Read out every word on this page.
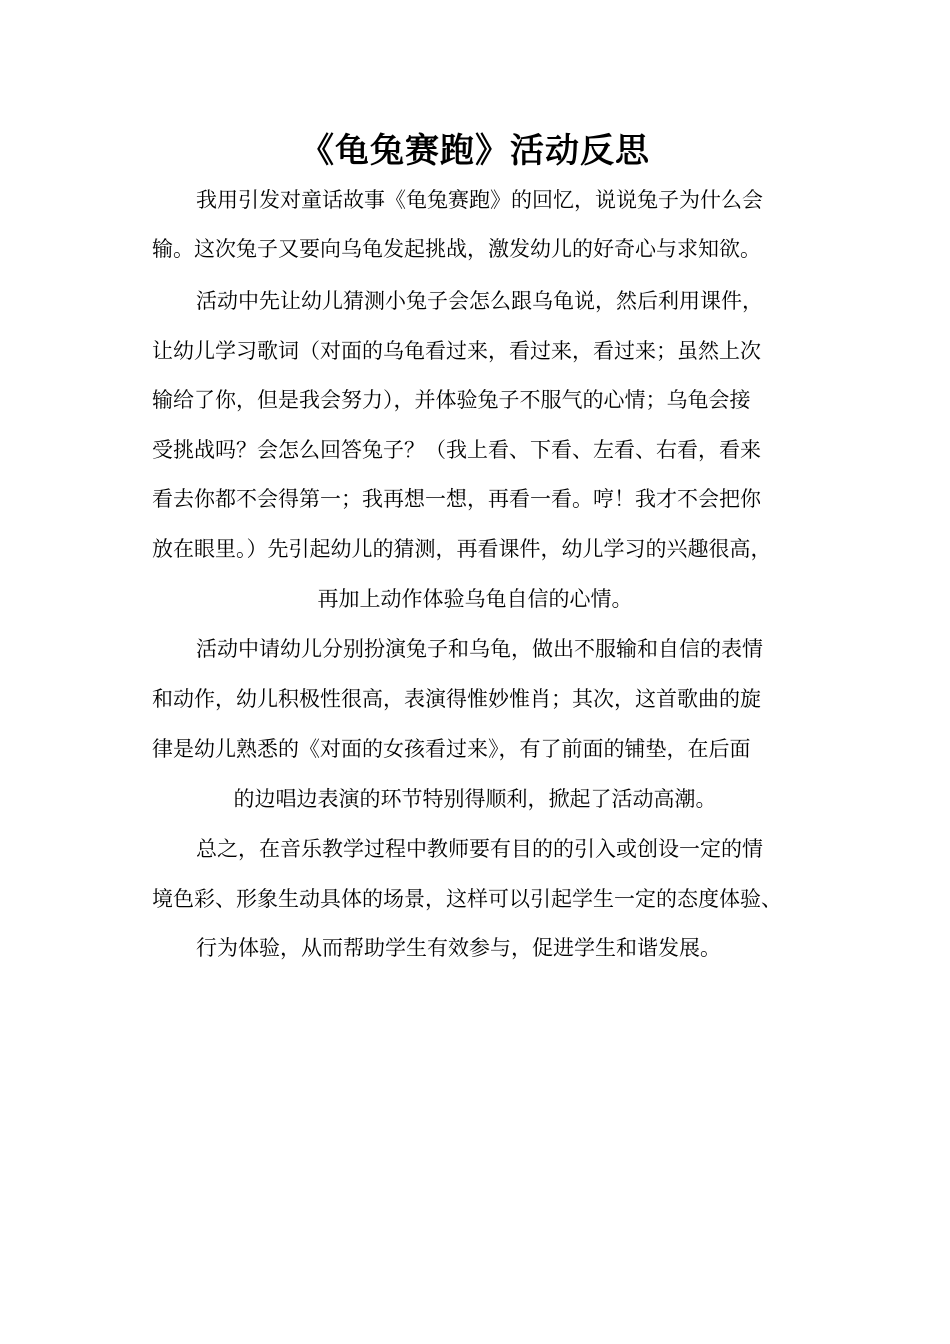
《龟兔赛跑》活动反思
我用引发对童话故事《龟兔赛跑》的回忆，说说兔子为什么会
输。这次兔子又要向乌龟发起挑战，激发幼儿的好奇心与求知欲。
活动中先让幼儿猜测小兔子会怎么跟乌龟说，然后利用课件，
让幼儿学习歌词（对面的乌龟看过来，看过来，看过来；虽然上次
输给了你，但是我会努力），并体验兔子不服气的心情；乌龟会接
受挑战吗？会怎么回答兔子？（我上看、下看、左看、右看，看来
看去你都不会得第一；我再想一想，再看一看。哼！我才不会把你
放在眼里。）先引起幼儿的猜测，再看课件，幼儿学习的兴趣很高，
再加上动作体验乌龟自信的心情。
活动中请幼儿分别扮演兔子和乌龟，做出不服输和自信的表情
和动作，幼儿积极性很高，表演得惟妙惟肖；其次，这首歌曲的旋
律是幼儿熟悉的《对面的女孩看过来》，有了前面的铺垫，在后面
的边唱边表演的环节特别得顺利，掀起了活动高潮。
总之，在音乐教学过程中教师要有目的的引入或创设一定的情
境色彩、形象生动具体的场景，这样可以引起学生一定的态度体验、
行为体验，从而帮助学生有效参与，促进学生和谐发展。
